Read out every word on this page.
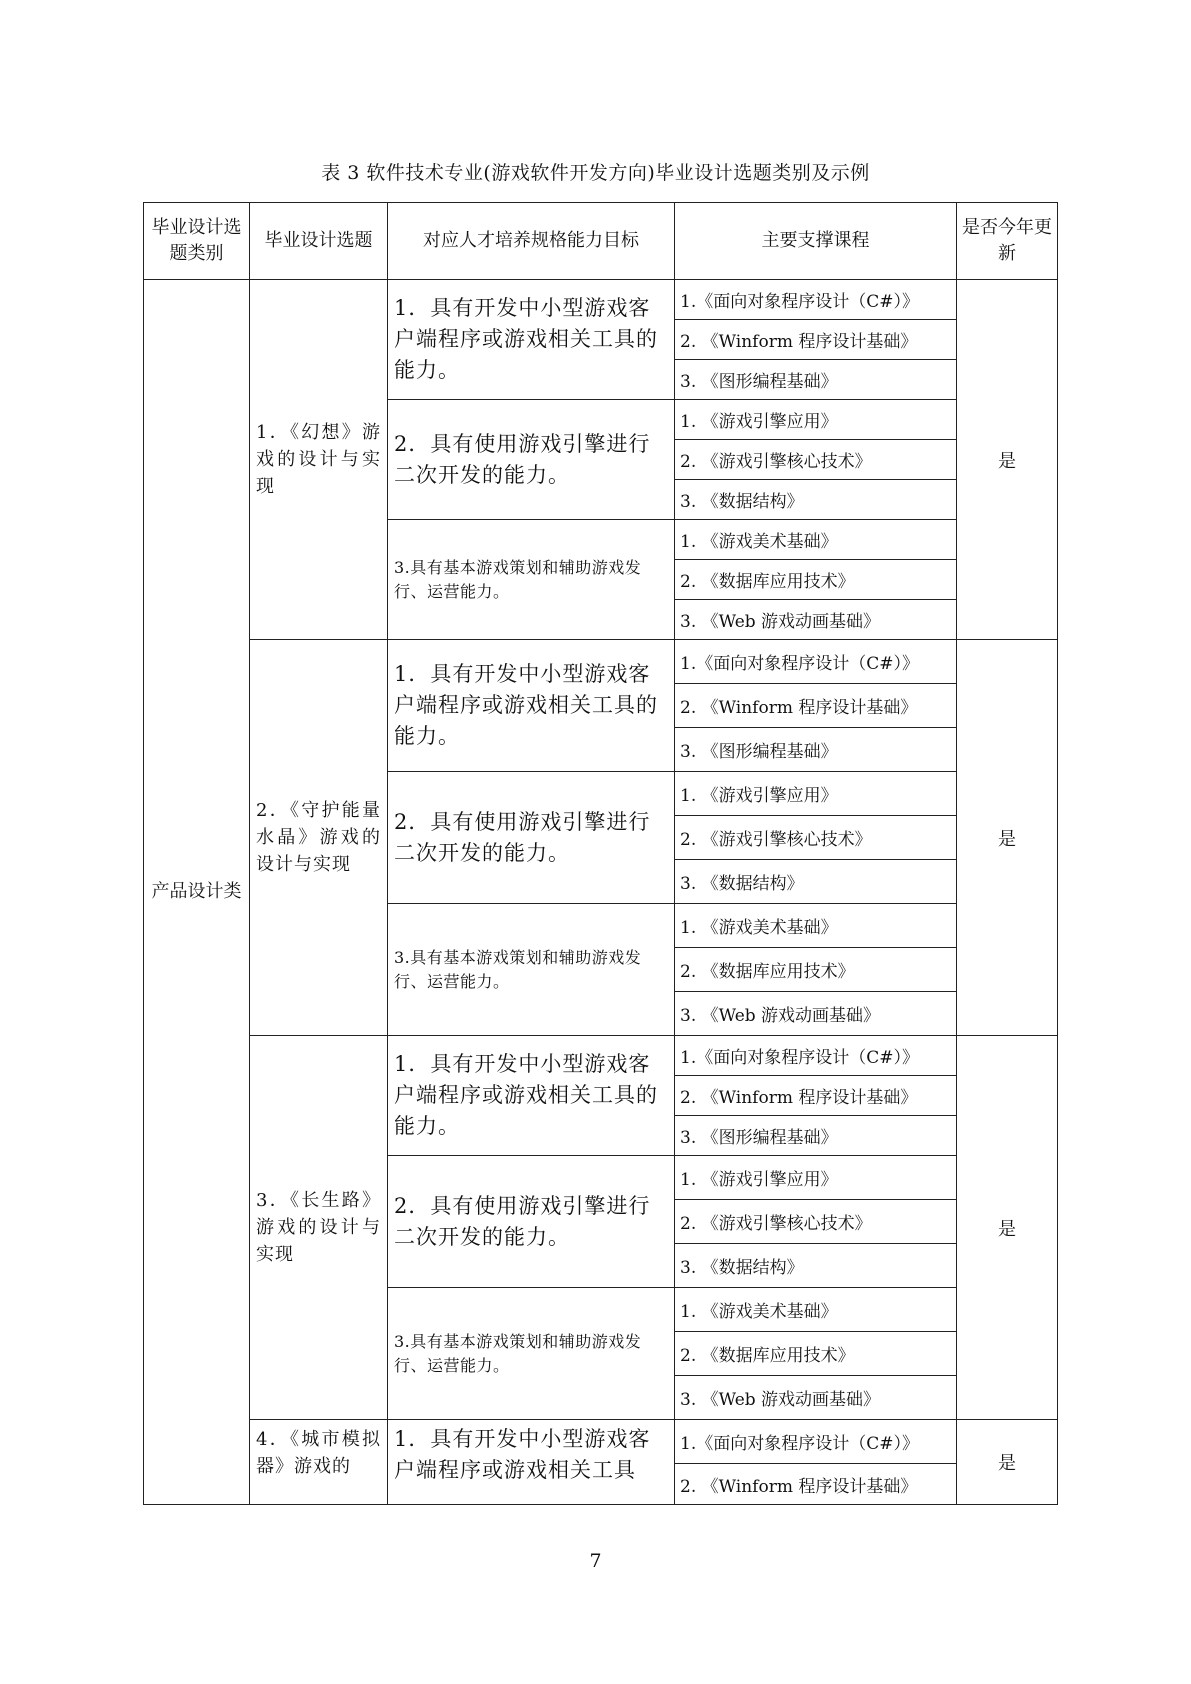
表 3 软件技术专业(游戏软件开发方向)毕业设计选题类别及示例
毕业设计选题类别	毕业设计选题	对应人才培养规格能力目标	主要支撑课程	是否今年更新
产品设计类	1．《幻想》游戏的设计与实现	1．具有开发中小型游戏客户端程序或游戏相关工具的能力。	1.《面向对象程序设计（C#）》	是
			2. 《Winform 程序设计基础》	
			3. 《图形编程基础》	
		2．具有使用游戏引擎进行二次开发的能力。	1. 《游戏引擎应用》	
			2. 《游戏引擎核心技术》	
			3. 《数据结构》	
		3.具有基本游戏策划和辅助游戏发行、运营能力。	1. 《游戏美术基础》	
			2. 《数据库应用技术》	
			3. 《Web 游戏动画基础》	
	2．《守护能量水晶》游戏的设计与实现	1．具有开发中小型游戏客户端程序或游戏相关工具的能力。	1.《面向对象程序设计（C#）》	是
			2. 《Winform 程序设计基础》	
			3. 《图形编程基础》	
		2．具有使用游戏引擎进行二次开发的能力。	1. 《游戏引擎应用》	
			2. 《游戏引擎核心技术》	
			3. 《数据结构》	
		3.具有基本游戏策划和辅助游戏发行、运营能力。	1. 《游戏美术基础》	
			2. 《数据库应用技术》	
			3. 《Web 游戏动画基础》	
	3．《长生路》游戏的设计与实现	1．具有开发中小型游戏客户端程序或游戏相关工具的能力。	1.《面向对象程序设计（C#）》	是
			2. 《Winform 程序设计基础》	
			3. 《图形编程基础》	
		2．具有使用游戏引擎进行二次开发的能力。	1. 《游戏引擎应用》	
			2. 《游戏引擎核心技术》	
			3. 《数据结构》	
		3.具有基本游戏策划和辅助游戏发行、运营能力。	1. 《游戏美术基础》	
			2. 《数据库应用技术》	
			3. 《Web 游戏动画基础》	
	4．《城市模拟器》游戏的	1．具有开发中小型游戏客户端程序或游戏相关工具	1.《面向对象程序设计（C#）》	是
			2. 《Winform 程序设计基础》	
7
